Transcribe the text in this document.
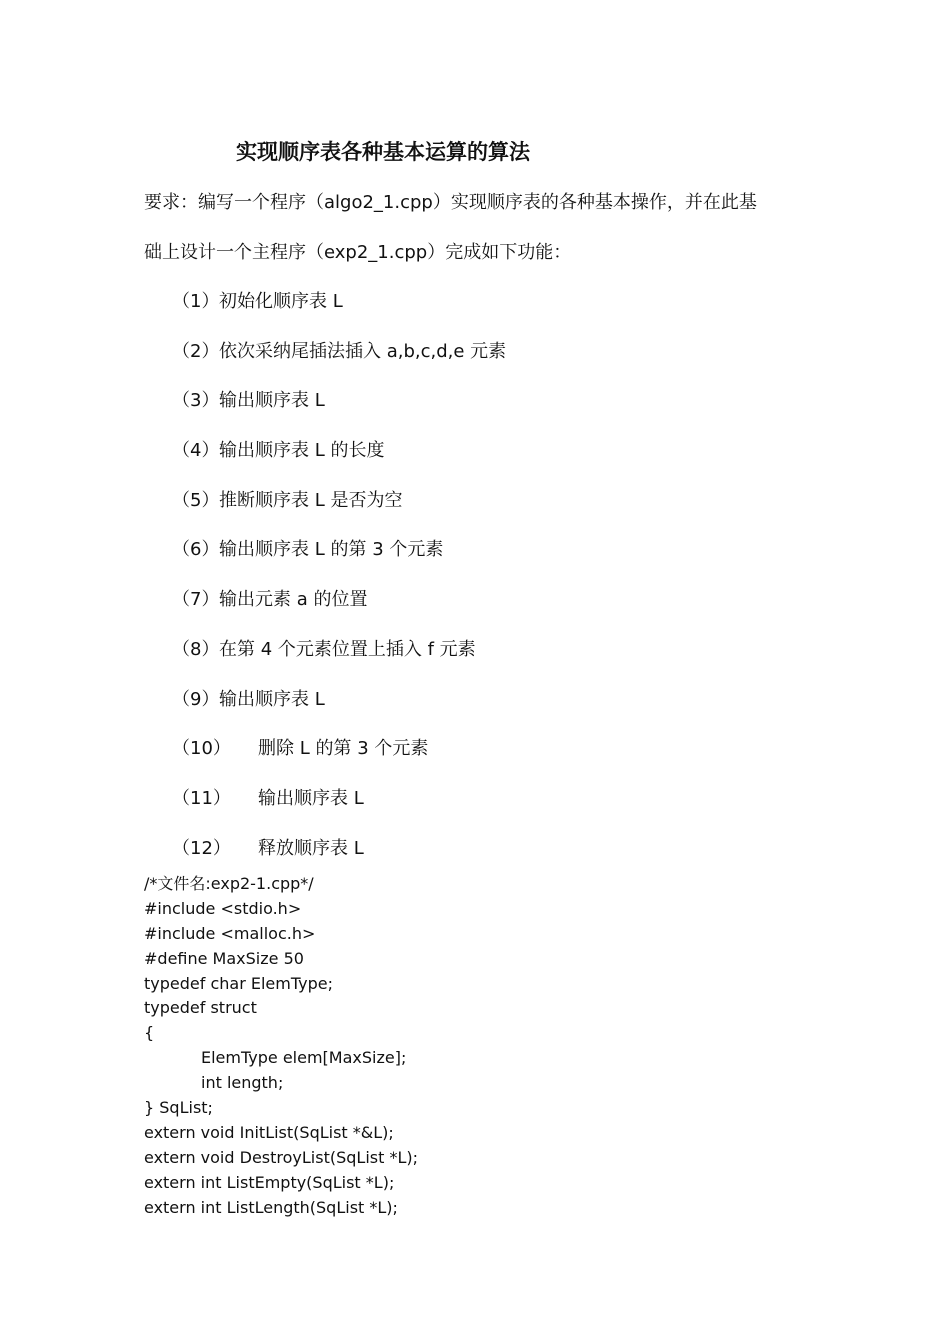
实现顺序表各种基本运算的算法
要求：编写一个程序（algo2_1.cpp）实现顺序表的各种基本操作，并在此基
础上设计一个主程序（exp2_1.cpp）完成如下功能：
（1） 初始化顺序表 L
（2） 依次采纳尾插法插入 a,b,c,d,e 元素
（3） 输出顺序表 L
（4） 输出顺序表 L 的长度
（5） 推断顺序表 L 是否为空
（6） 输出顺序表 L 的第 3 个元素
（7） 输出元素 a 的位置
（8） 在第 4 个元素位置上插入 f 元素
（9） 输出顺序表 L
（10） 删除 L 的第 3 个元素
（11） 输出顺序表 L
（12） 释放顺序表 L
/*文件名:exp2-1.cpp*/
#include <stdio.h>
#include <malloc.h>
#define MaxSize 50
typedef char ElemType;
typedef struct
{
ElemType elem[MaxSize];
int length;
} SqList;
extern void InitList(SqList *&L);
extern void DestroyList(SqList *L);
extern int ListEmpty(SqList *L);
extern int ListLength(SqList *L);
